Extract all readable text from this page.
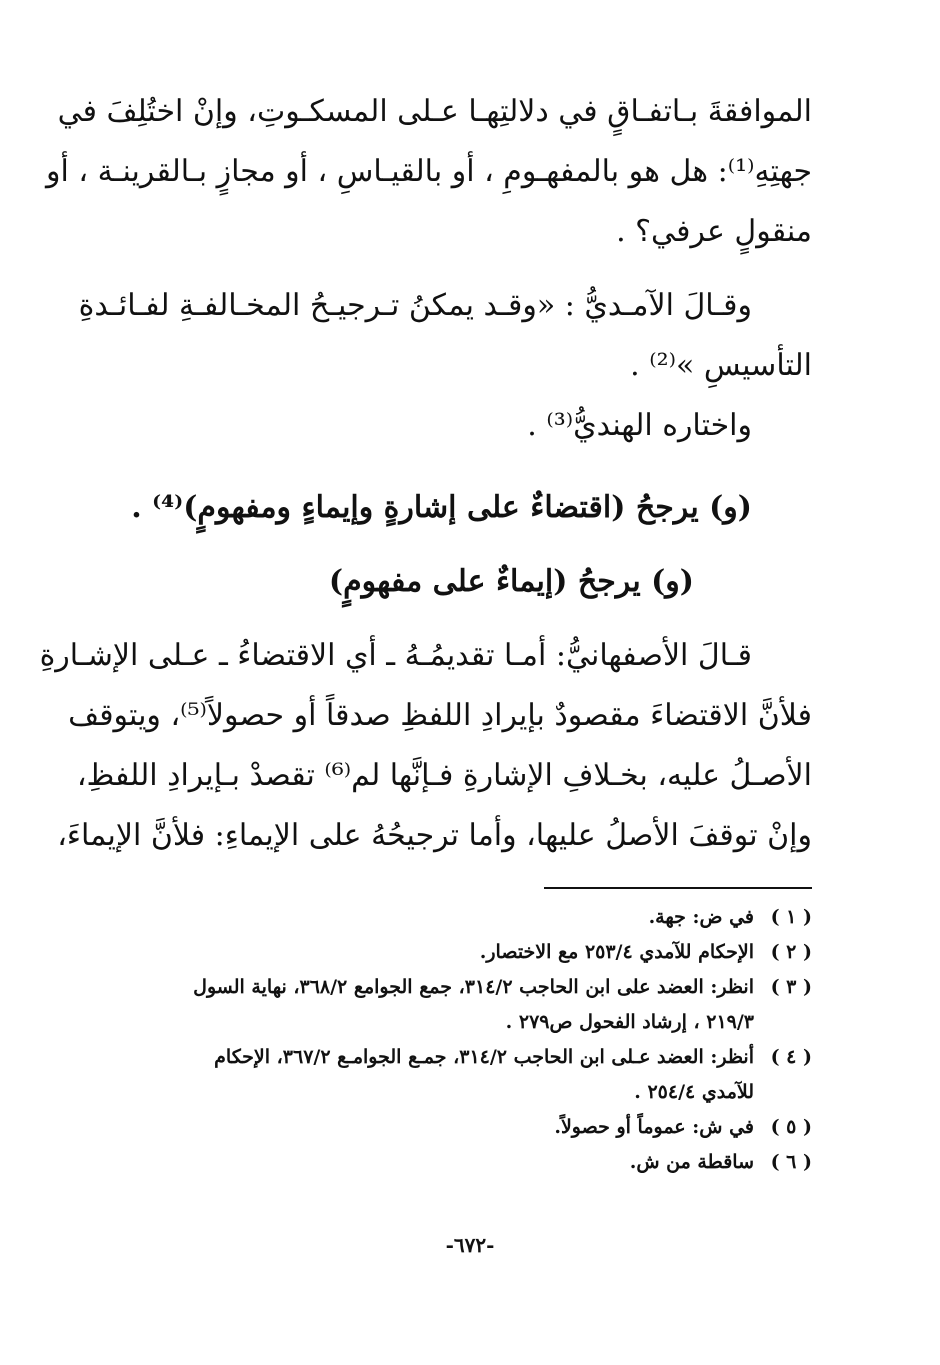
الموافقةَ بـاتفـاقٍ في دلالتِهـا عـلى المسكـوتِ، وإنْ اختُلِفَ في
جهتِهِ⁽¹⁾: هل هو بالمفهـومِ ، أو بالقيـاسِ ، أو مجازٍ بـالقرينـة ، أو
منقولٍ عرفي؟ .
وقـالَ الآمـديُّ : «وقـد يمكنُ تـرجيـحُ المخـالفـةِ لفـائـدةِ
التأسيسِ »⁽²⁾ .
واختاره الهنديُّ⁽³⁾ .
(و) يرجحُ (اقتضاءٌ على إشارةٍ وإيماءٍ ومفهومٍ)⁽⁴⁾ .
(و) يرجحُ (إيماءٌ على مفهومٍ)
قـالَ الأصفهانيُّ: أمـا تقديمُـهُ ـ أي الاقتضاءُ ـ عـلى الإشـارةِ
فلأنَّ الاقتضاءَ مقصودٌ بإيرادِ اللفظِ صدقاً أو حصولاً⁽⁵⁾، ويتوقف
الأصـلُ عليه، بخـلافِ الإشارةِ فـإنَّها لم⁽⁶⁾ تقصدْ بـإيرادِ اللفظِ،
وإنْ توقفَ الأصلُ عليها، وأما ترجيحُهُ على الإيماءِ: فلأنَّ الإيماءَ،
( ١ )في ض: جهة.
( ٢ )الإحكام للآمدي ٢٥٣/٤ مع الاختصار.
( ٣ )انظر: العضد على ابن الحاجب ٣١٤/٢، جمع الجوامع ٣٦٨/٢، نهاية السول
٢١٩/٣ ، إرشاد الفحول ص٢٧٩ .
( ٤ )أنظر: العضد عـلى ابن الحاجب ٣١٤/٢، جمـع الجوامـع ٣٦٧/٢، الإحكام
للآمدي ٢٥٤/٤ .
( ٥ )في ش: عموماً أو حصولاً.
( ٦ )ساقطة من ش.
-٦٧٢-
